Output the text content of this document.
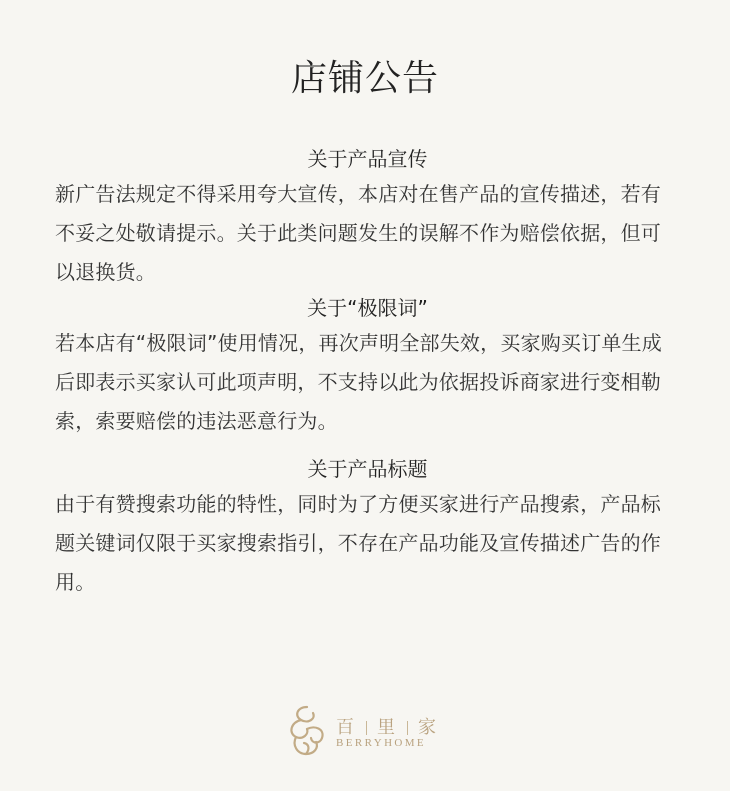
店铺公告
关于产品宣传
新广告法规定不得采用夸大宣传，本店对在售产品的宣传描述，若有不妥之处敬请提示。关于此类问题发生的误解不作为赔偿依据，但可以退换货。
关于“极限词”
若本店有“极限词”使用情况，再次声明全部失效，买家购买订单生成后即表示买家认可此项声明，不支持以此为依据投诉商家进行变相勒索，索要赔偿的违法恶意行为。
关于产品标题
由于有赞搜索功能的特性，同时为了方便买家进行产品搜索，产品标题关键词仅限于买家搜索指引，不存在产品功能及宣传描述广告的作用。
百 里 家
BERRYHOME
